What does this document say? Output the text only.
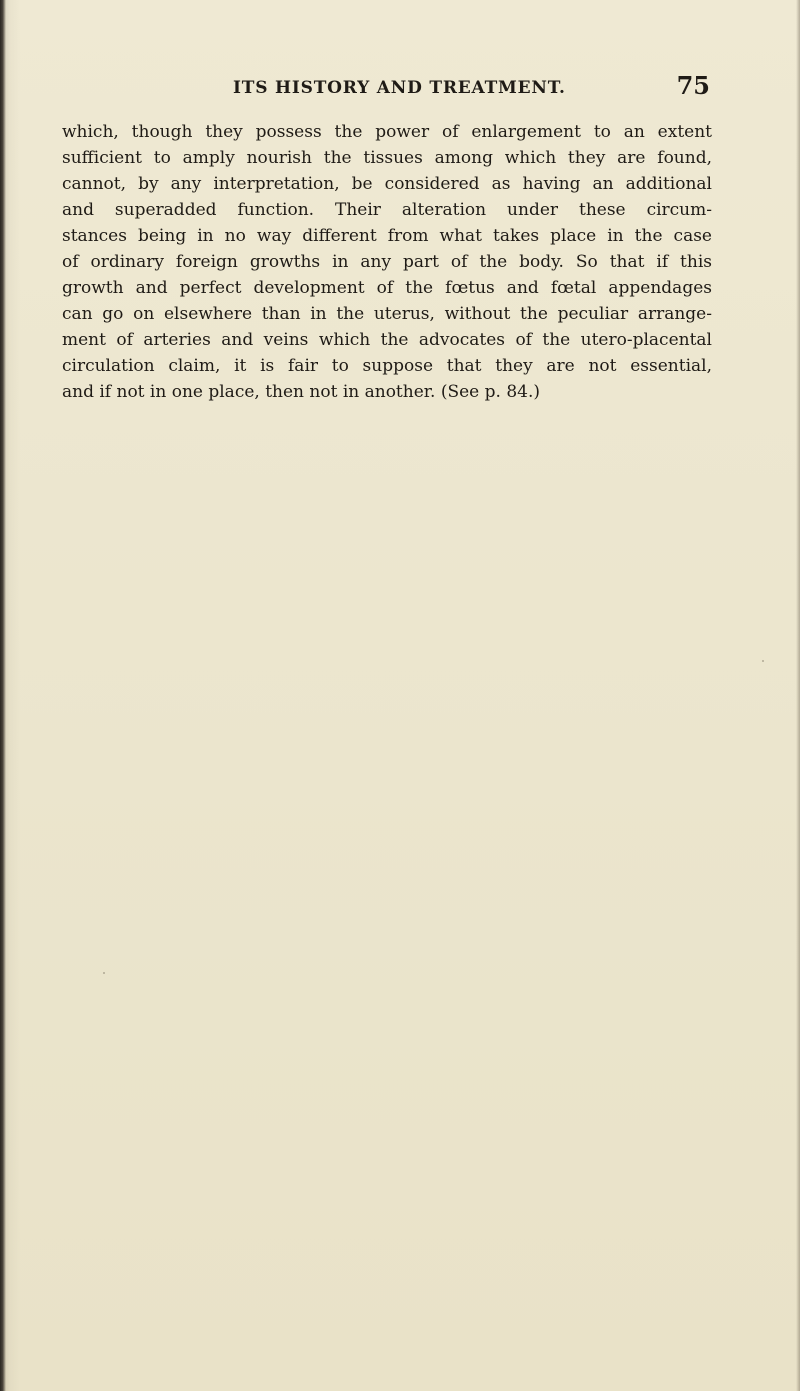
ITS HISTORY AND TREATMENT.	75
which, though they possess the power of enlargement to an extent
sufficient to amply nourish the tissues among which they are found,
cannot, by any interpretation, be considered as having an additional
and superadded function. Their alteration under these circum-
stances being in no way different from what takes place in the case
of ordinary foreign growths in any part of the body. So that if this
growth and perfect development of the fœtus and fœtal appendages
can go on elsewhere than in the uterus, without the peculiar arrange-
ment of arteries and veins which the advocates of the utero-placental
circulation claim, it is fair to suppose that they are not essential,
and if not in one place, then not in another. (See p. 84.)
